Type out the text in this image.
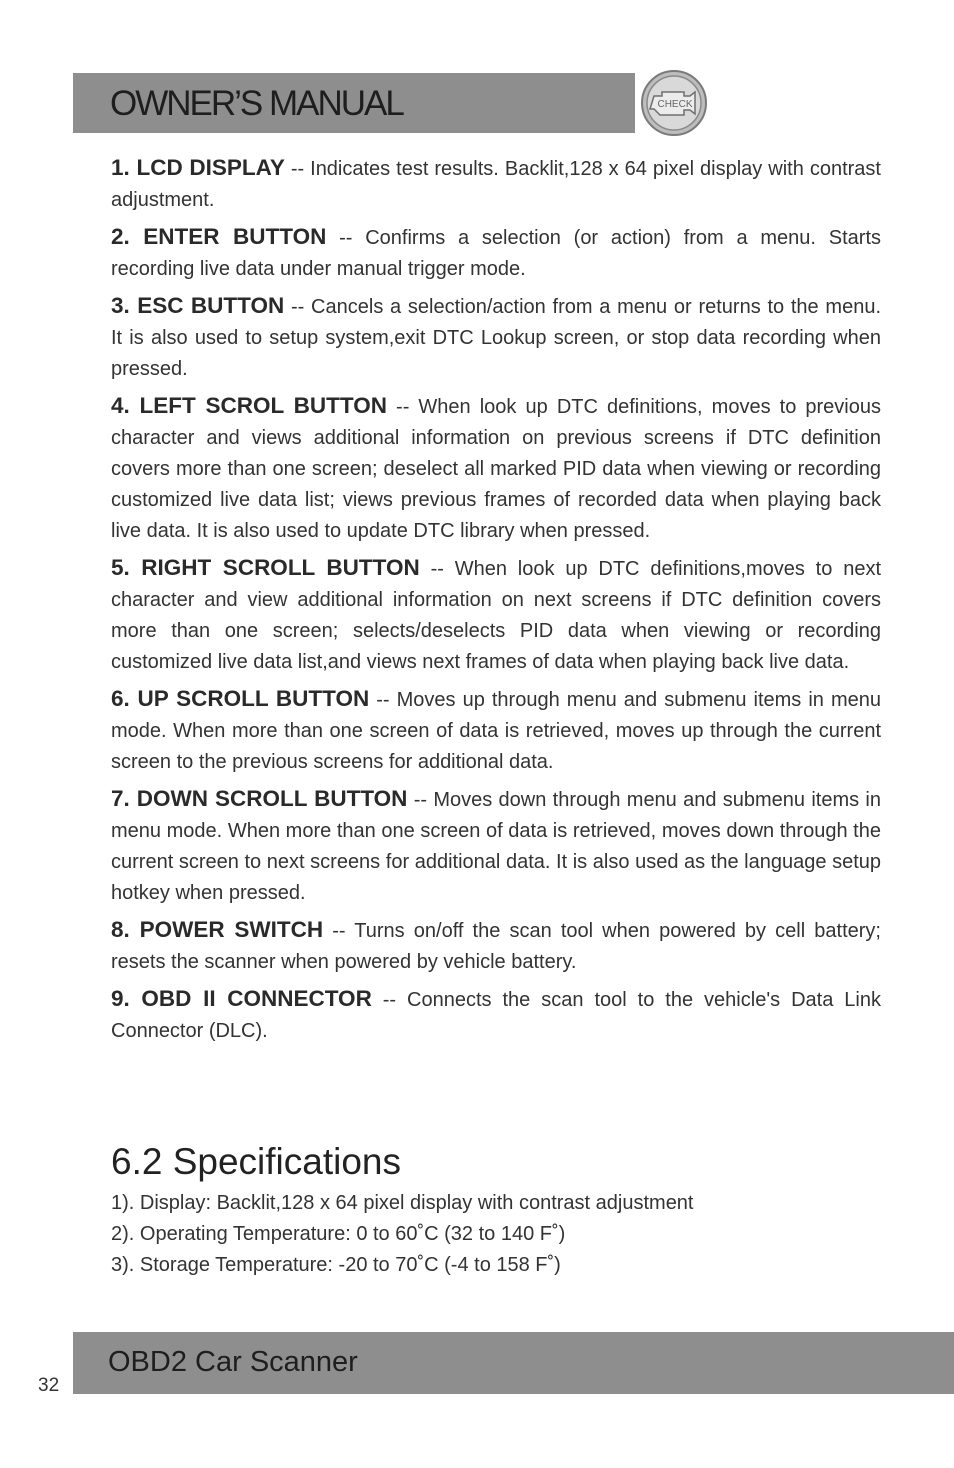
OWNER’S MANUAL	CHECK

1. LCD DISPLAY -- Indicates test results. Backlit,128 x 64 pixel display with contrast adjustment.

2. ENTER BUTTON -- Confirms a selection (or action) from a menu. Starts recording live data under manual trigger mode.

3. ESC BUTTON -- Cancels a selection/action from a menu or returns to the menu. It is also used to setup system,exit DTC Lookup screen, or stop data recording when pressed.

4. LEFT SCROL BUTTON -- When look up DTC definitions, moves to previous character and views additional information on previous screens if DTC definition covers more than one screen; deselect all marked PID data when viewing or recording customized live data list; views previous frames of recorded data when playing back live data. It is also used to update DTC library when pressed.

5. RIGHT SCROLL BUTTON -- When look up DTC definitions,moves to next character and view additional information on next screens if DTC definition covers more than one screen; selects/deselects PID data when viewing or recording customized live data list,and views next frames of data when playing back live data.

6. UP SCROLL BUTTON -- Moves up through menu and submenu items in menu mode. When more than one screen of data is retrieved, moves up through the current screen to the previous screens for additional data.

7. DOWN SCROLL BUTTON -- Moves down through menu and submenu items in menu mode. When more than one screen of data is retrieved, moves down through the current screen to next screens for additional data. It is also used as the language setup hotkey when pressed.

8. POWER SWITCH -- Turns on/off the scan tool when powered by cell battery; resets the scanner when powered by vehicle battery.

9. OBD II CONNECTOR -- Connects the scan tool to the vehicle's Data Link Connector (DLC).

6.2 Specifications
1). Display: Backlit,128 x 64 pixel display with contrast adjustment
2). Operating Temperature: 0 to 60˚C (32 to 140 F˚)
3). Storage Temperature: -20 to 70˚C (-4 to 158 F˚)
OBD2 Car Scanner
32
